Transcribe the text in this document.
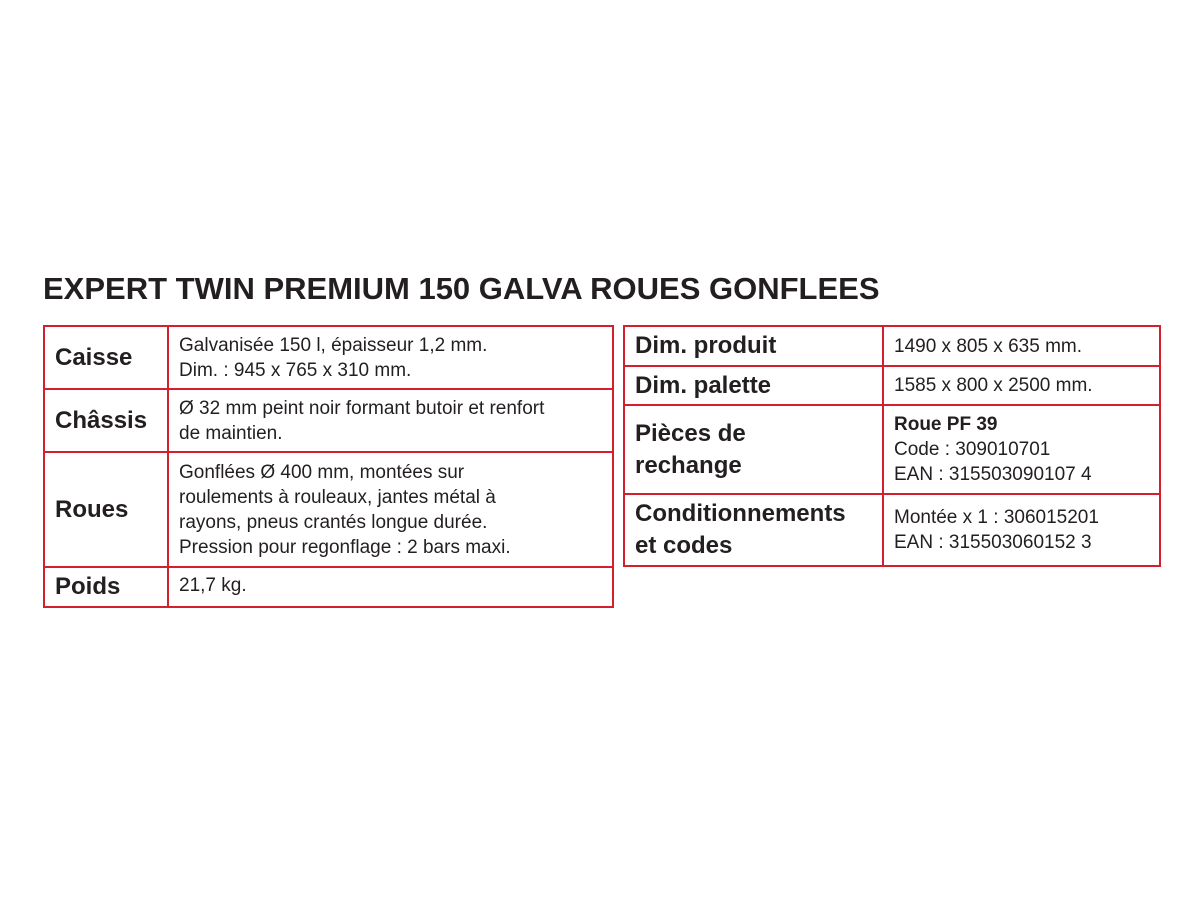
EXPERT TWIN PREMIUM 150 GALVA ROUES GONFLEES
Caisse	Galvanisée 150 l, épaisseur 1,2 mm.
Dim. : 945 x 765 x 310 mm.

Châssis	Ø 32 mm peint noir formant butoir et renfort
de maintien.

Roues	Gonflées Ø 400 mm, montées sur
roulements à rouleaux, jantes métal à
rayons, pneus crantés longue durée.
Pression pour regonflage : 2 bars maxi.

Poids	21,7 kg.
Dim. produit	1490 x 805 x 635 mm.

Dim. palette	1585 x 800 x 2500 mm.

Pièces de
rechange	Roue PF 39
Code : 309010701
EAN : 315503090107 4

Conditionnements
et codes	Montée x 1 : 306015201
EAN : 315503060152 3
